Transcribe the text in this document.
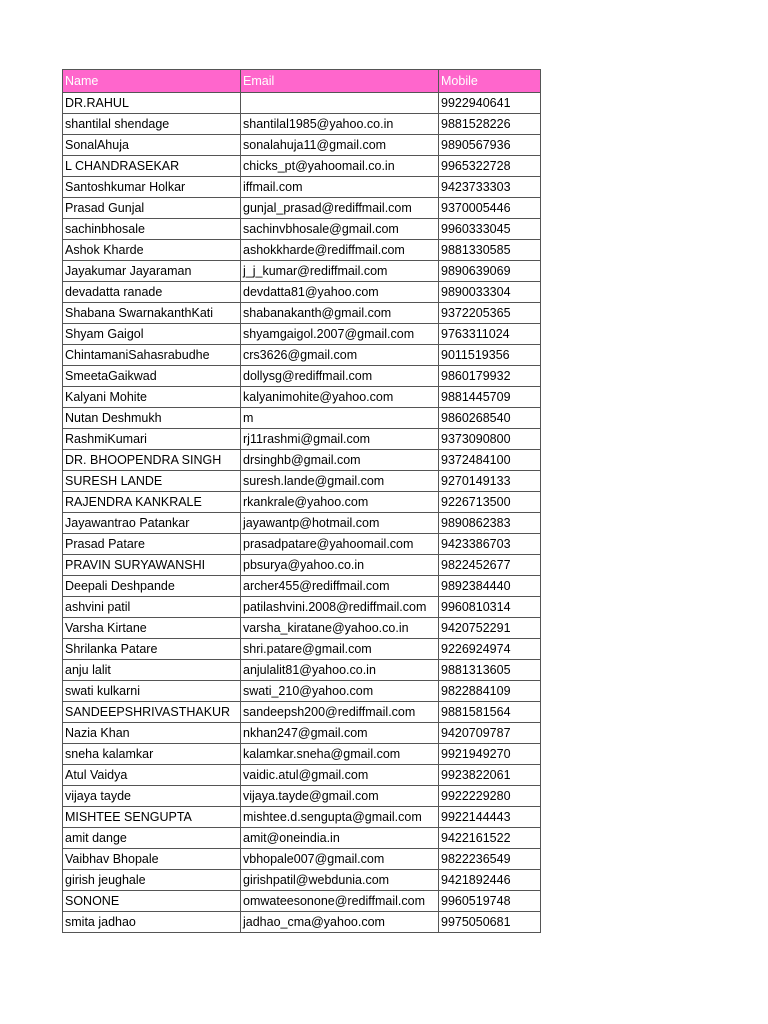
Name	Email	Mobile
DR.RAHUL		9922940641
shantilal shendage	shantilal1985@yahoo.co.in	9881528226
SonalAhuja	sonalahuja11@gmail.com	9890567936
L CHANDRASEKAR	chicks_pt@yahoomail.co.in	9965322728
Santoshkumar Holkar	iffmail.com	9423733303
Prasad Gunjal	gunjal_prasad@rediffmail.com	9370005446
sachinbhosale	sachinvbhosale@gmail.com	9960333045
Ashok Kharde	ashokkharde@rediffmail.com	9881330585
Jayakumar Jayaraman	j_j_kumar@rediffmail.com	9890639069
devadatta ranade	devdatta81@yahoo.com	9890033304
Shabana SwarnakanthKati	shabanakanth@gmail.com	9372205365
Shyam Gaigol	shyamgaigol.2007@gmail.com	9763311024
ChintamaniSahasrabudhe	crs3626@gmail.com	9011519356
SmeetaGaikwad	dollysg@rediffmail.com	9860179932
Kalyani Mohite	kalyanimohite@yahoo.com	9881445709
Nutan Deshmukh	m	9860268540
RashmiKumari	rj11rashmi@gmail.com	9373090800
DR. BHOOPENDRA SINGH	drsinghb@gmail.com	9372484100
SURESH LANDE	suresh.lande@gmail.com	9270149133
RAJENDRA KANKRALE	rkankrale@yahoo.com	9226713500
Jayawantrao Patankar	jayawantp@hotmail.com	9890862383
Prasad Patare	prasadpatare@yahoomail.com	9423386703
PRAVIN SURYAWANSHI	pbsurya@yahoo.co.in	9822452677
Deepali Deshpande	archer455@rediffmail.com	9892384440
ashvini patil	patilashvini.2008@rediffmail.com	9960810314
Varsha Kirtane	varsha_kiratane@yahoo.co.in	9420752291
Shrilanka Patare	shri.patare@gmail.com	9226924974
anju lalit	anjulalit81@yahoo.co.in	9881313605
swati kulkarni	swati_210@yahoo.com	9822884109
SANDEEPSHRIVASTHAKUR	sandeepsh200@rediffmail.com	9881581564
Nazia Khan	nkhan247@gmail.com	9420709787
sneha kalamkar	kalamkar.sneha@gmail.com	9921949270
Atul Vaidya	vaidic.atul@gmail.com	9923822061
vijaya tayde	vijaya.tayde@gmail.com	9922229280
MISHTEE SENGUPTA	mishtee.d.sengupta@gmail.com	9922144443
amit dange	amit@oneindia.in	9422161522
Vaibhav Bhopale	vbhopale007@gmail.com	9822236549
girish jeughale	girishpatil@webdunia.com	9421892446
SONONE	omwateesonone@rediffmail.com	9960519748
smita jadhao	jadhao_cma@yahoo.com	9975050681
